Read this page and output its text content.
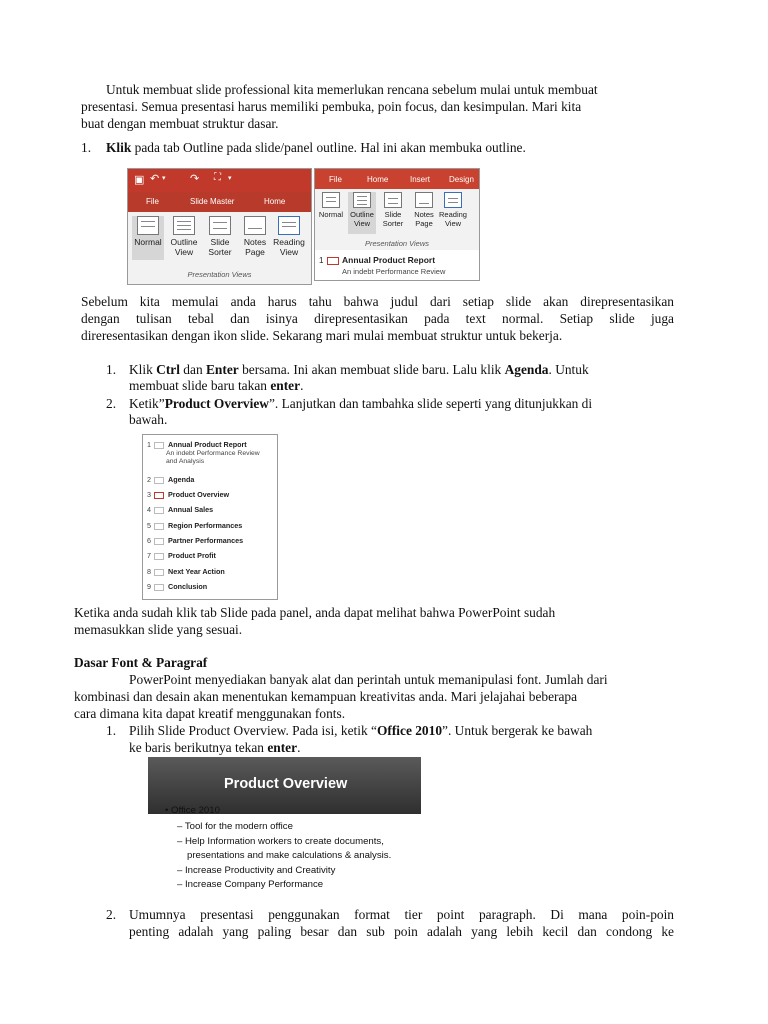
Untuk membuat slide professional kita memerlukan rencana sebelum mulai untuk membuat

presentasi. Semua presentasi harus memiliki pembuka, poin focus, dan kesimpulan. Mari kita

buat dengan membuat struktur dasar.

1. Klik pada tab Outline pada slide/panel outline. Hal ini akan membuka outline.

▣ ↶ ▾ ↷ ⛶ ▾
File	Slide Master	Home
Normal Outline View
Slide Sorter
Notes Page
Reading View
Presentation Views
File	Home	Insert Design
Normal Outline View
Slide Sorter
Notes Page
Reading View
Presentation Views
1 Annual Product Report
An indebt Performance Review

Sebelum kita memulai anda harus tahu bahwa judul dari setiap slide akan direpresentasikan

dengan tulisan tebal dan isinya direpresentasikan pada text normal. Setiap slide juga

direresentasikan dengan ikon slide. Sekarang mari mulai membuat struktur untuk bekerja.

1. Klik Ctrl dan Enter bersama. Ini akan membuat slide baru. Lalu klik Agenda. Untuk

membuat slide baru takan enter.

2. Ketik”Product Overview”. Lanjutkan dan tambahka slide seperti yang ditunjukkan di

bawah.

1 Annual Product Report
An indebt Performance Review
and Analysis
2 Agenda
3 Product Overview
4 Annual Sales
5 Region Performances
6 Partner Performances
7 Product Profit
8 Next Year Action
9 Conclusion

Ketika anda sudah klik tab Slide pada panel, anda dapat melihat bahwa PowerPoint sudah

memasukkan slide yang sesuai.

Dasar Font & Paragraf

PowerPoint menyediakan banyak alat dan perintah untuk memanipulasi font. Jumlah dari

kombinasi dan desain akan menentukan kemampuan kreativitas anda. Mari jelajahai beberapa

cara dimana kita dapat kreatif menggunakan fonts.

1. Pilih Slide Product Overview. Pada isi, ketik “Office 2010”. Untuk bergerak ke bawah

ke baris berikutnya tekan enter.

Product Overview
• Office 2010
– Tool for the modern office
– Help Information workers to create documents,
presentations and make calculations & analysis.
– Increase Productivity and Creativity
– Increase Company Performance
2. Umumnya presentasi penggunakan format tier point paragraph. Di mana poin-poin

penting adalah yang paling besar dan sub poin adalah yang lebih kecil dan condong ke
